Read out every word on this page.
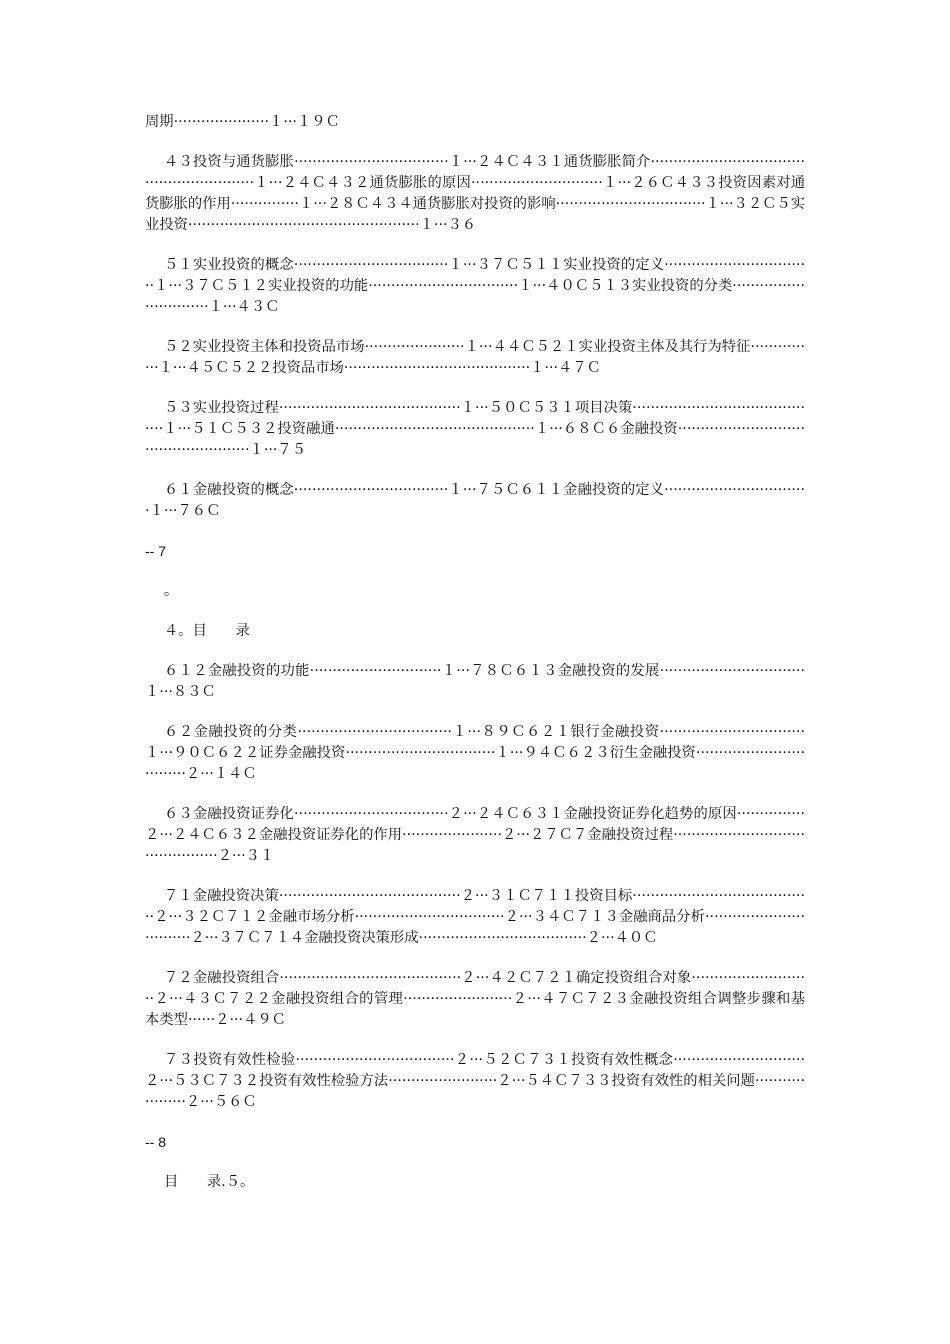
周期·····················１···１９Ｃ

４３投资与通货膨胀··································１···２４Ｃ４３１通货膨胀简介··························································１···２４Ｃ４３２通货膨胀的原因·····························１···２６Ｃ４３３投资因素对通货膨胀的作用···············１···２８Ｃ４３４通货膨胀对投资的影响·································１···３２Ｃ５实业投资···················································１···３６

５１实业投资的概念··································１···３７Ｃ５１１实业投资的定义·································１···３７Ｃ５１２实业投资的功能·································１···４０Ｃ５１３实业投资的分类······························１···４３Ｃ

５２实业投资主体和投资品市场······················１···４４Ｃ５２１实业投资主体及其行为特征···············１···４５Ｃ５２２投资品市场·········································１···４７Ｃ

５３实业投资过程········································１···５０Ｃ５３１项目决策··········································１···５１Ｃ５３２投资融通············································１···６８Ｃ６金融投资···················································１···７５

６１金融投资的概念··································１···７５Ｃ６１１金融投资的定义································１···７６Ｃ

-- 7

。

４。目　　录

６１２金融投资的功能·····························１···７８Ｃ６１３金融投资的发展································１···８３Ｃ

６２金融投资的分类··································１···８９Ｃ６２１银行金融投资································１···９０Ｃ６２２证券金融投资·································１···９４Ｃ６２３衍生金融投资·································２···１４Ｃ

６３金融投资证券化··································２···２４Ｃ６３１金融投资证券化趋势的原因···············２···２４Ｃ６３２金融投资证券化的作用······················２···２７Ｃ７金融投资过程·············································２···３１

７１金融投资决策········································２···３１Ｃ７１１投资目标········································２···３２Ｃ７１２金融市场分析·································２···３４Ｃ７１３金融商品分析································２···３７Ｃ７１４金融投资决策形成·····································２···４０Ｃ

７２金融投资组合········································２···４２Ｃ７２１确定投资组合对象···························２···４３Ｃ７２２金融投资组合的管理························２···４７Ｃ７２３金融投资组合调整步骤和基本类型······２···４９Ｃ

７３投资有效性检验···································２···５２Ｃ７３１投资有效性概念·····························２···５３Ｃ７３２投资有效性检验方法························２···５４Ｃ７３３投资有效性的相关问题····················２···５６Ｃ

-- 8

目　　录.５。
